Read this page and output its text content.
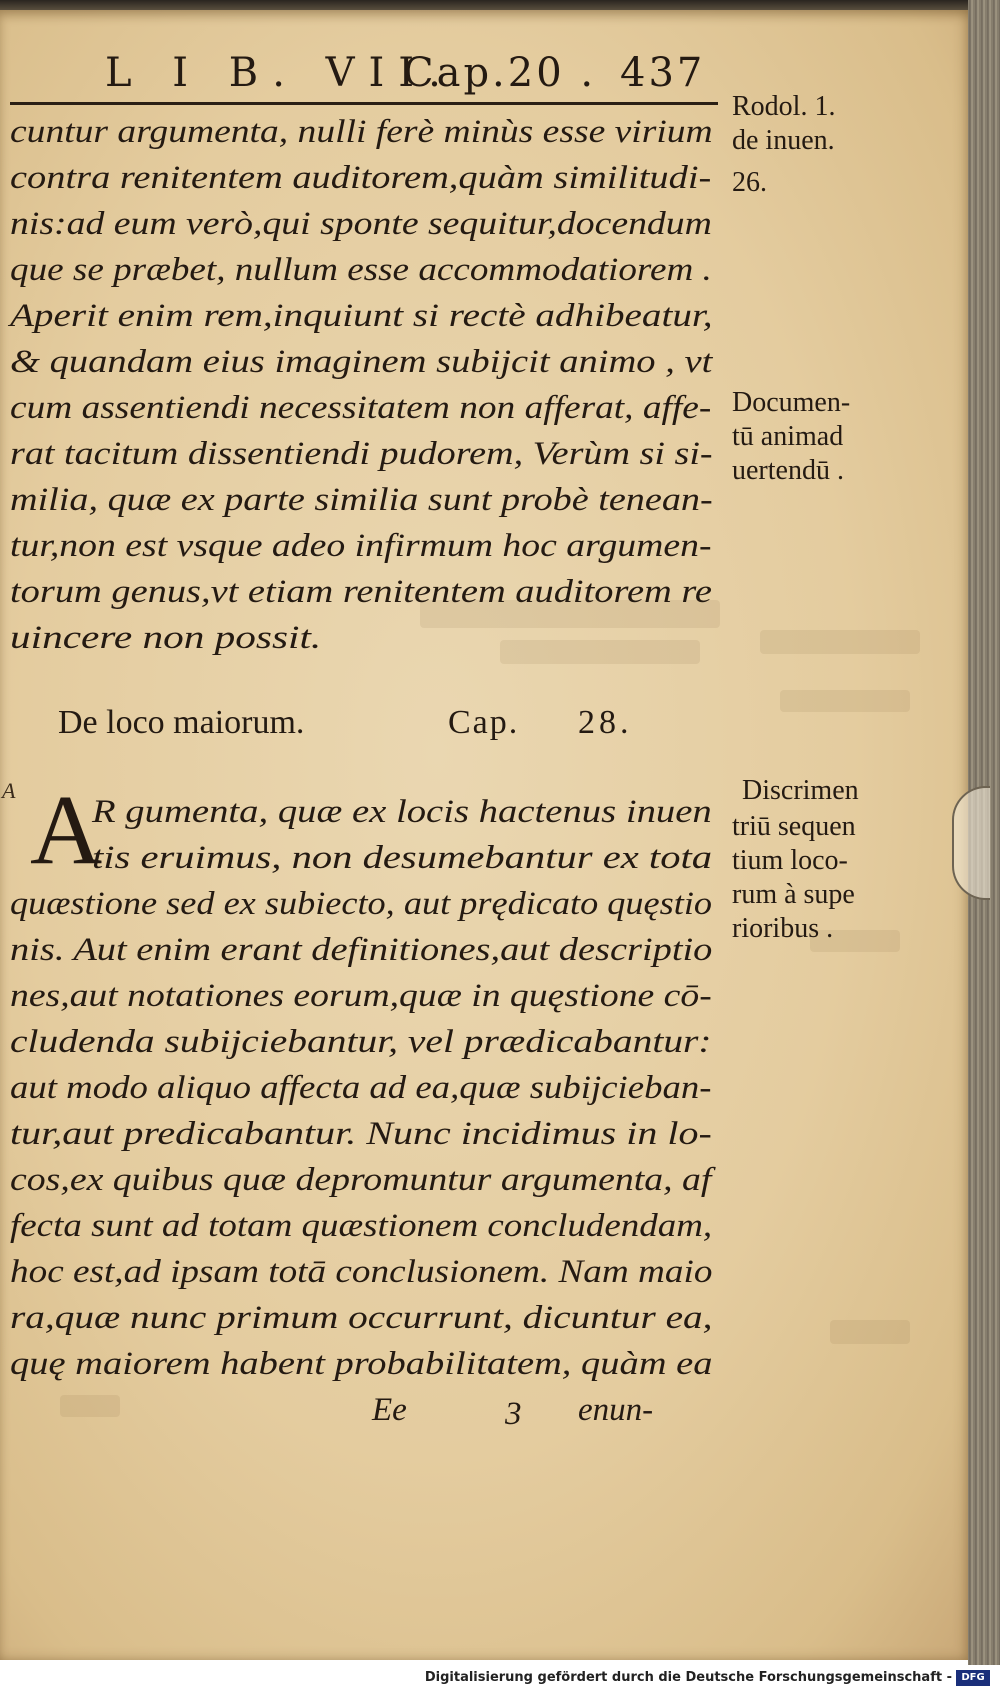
L I B. VII.
Cap.20 . 437
cuntur argumenta, nulli ferè minùs esse virium
contra renitentem auditorem,quàm similitudi-
nis:ad eum verò,qui sponte sequitur,docendum
que se præbet, nullum esse accommodatiorem .
Aperit enim rem,inquiunt si rectè adhibeatur,
& quandam eius imaginem subijcit animo , vt
cum assentiendi necessitatem non afferat, affe-
rat tacitum dissentiendi pudorem, Verùm si si-
milia, quæ ex parte similia sunt probè tenean-
tur,non est vsque adeo infirmum hoc argumen-
torum genus,vt etiam renitentem auditorem re
uincere non possit.
Rodol. 1.
de inuen.
26.
Documen-
tū animad
uertendū .
De loco maiorum.	Cap. 28.
Discrimen
triū sequen
tium loco-
rum à supe
rioribus .
A A
R gumenta, quæ ex locis hactenus inuen
tis eruimus, non desumebantur ex tota
quæstione sed ex subiecto, aut prędicato quęstio
nis. Aut enim erant definitiones,aut descriptio
nes,aut notationes eorum,quæ in quęstione cō-
cludenda subijciebantur, vel prædicabantur:
aut modo aliquo affecta ad ea,quæ subijcieban-
tur,aut predicabantur. Nunc incidimus in lo-
cos,ex quibus quæ depromuntur argumenta, af
fecta sunt ad totam quæstionem concludendam,
hoc est,ad ipsam totā conclusionem. Nam maio
ra,quæ nunc primum occurrunt, dicuntur ea,
quę maiorem habent probabilitatem, quàm ea
Ee	3 enun-
Digitalisierung gefördert durch die Deutsche Forschungsgemeinschaft - DFG
